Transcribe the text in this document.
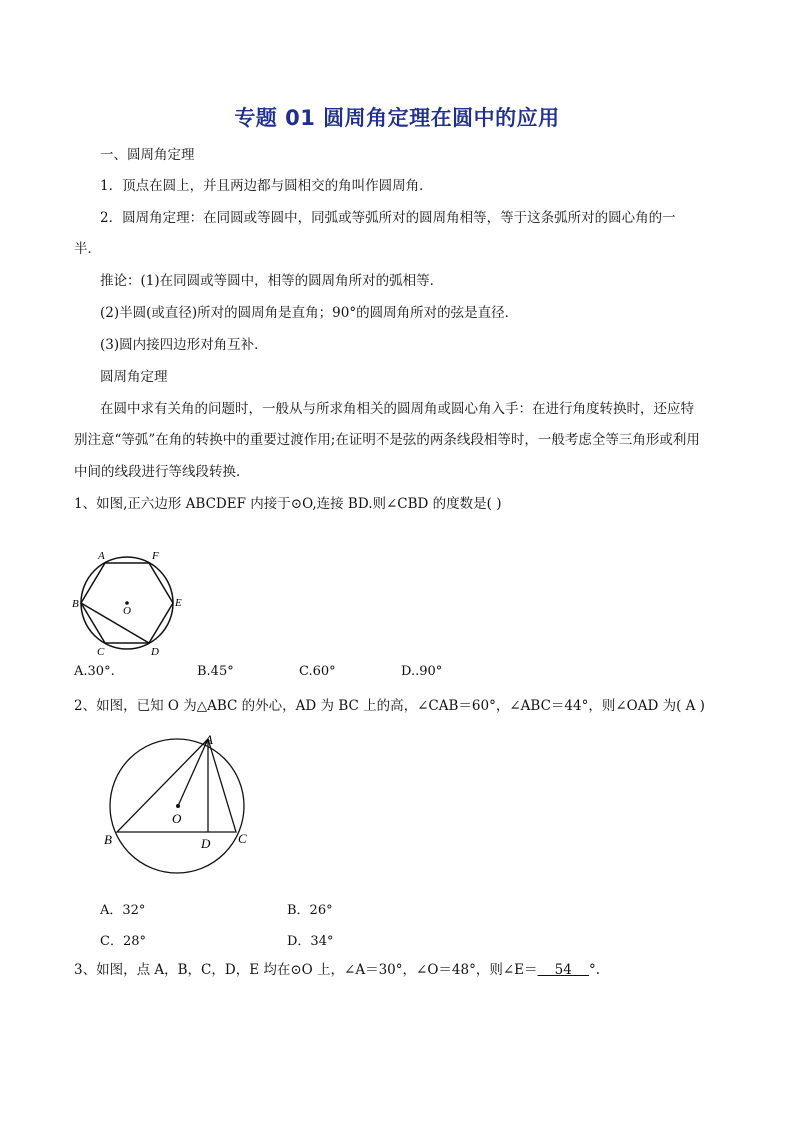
专题 01 圆周角定理在圆中的应用
一、圆周角定理
1．顶点在圆上，并且两边都与圆相交的角叫作圆周角．
2．圆周角定理：在同圆或等圆中，同弧或等弧所对的圆周角相等，等于这条弧所对的圆心角的一
半．
推论：(1)在同圆或等圆中，相等的圆周角所对的弧相等．
(2)半圆(或直径)所对的圆周角是直角；90°的圆周角所对的弦是直径．
(3)圆内接四边形对角互补．
圆周角定理
在圆中求有关角的问题时，一般从与所求角相关的圆周角或圆心角入手：在进行角度转换时，还应特
别注意“等弧”在角的转换中的重要过渡作用;在证明不是弦的两条线段相等时，一般考虑全等三角形或利用
中间的线段进行等线段转换．
1、如图,正六边形 ABCDEF 内接于⊙O,连接 BD.则∠CBD 的度数是( )
A	F
B
O
E
C	D
A.30°.	B.45°	C.60°	D..90°
2、如图，已知 O 为△ABC 的外心，AD 为 BC 上的高，∠CAB＝60°，∠ABC＝44°，则∠OAD 为( A )
A
O
B	D C
A．32°	B．26°
C．28°	D．34°
3、如图，点 A，B，C，D，E 均在⊙O 上，∠A＝30°，∠O＝48°，则∠E＝    54    °.
